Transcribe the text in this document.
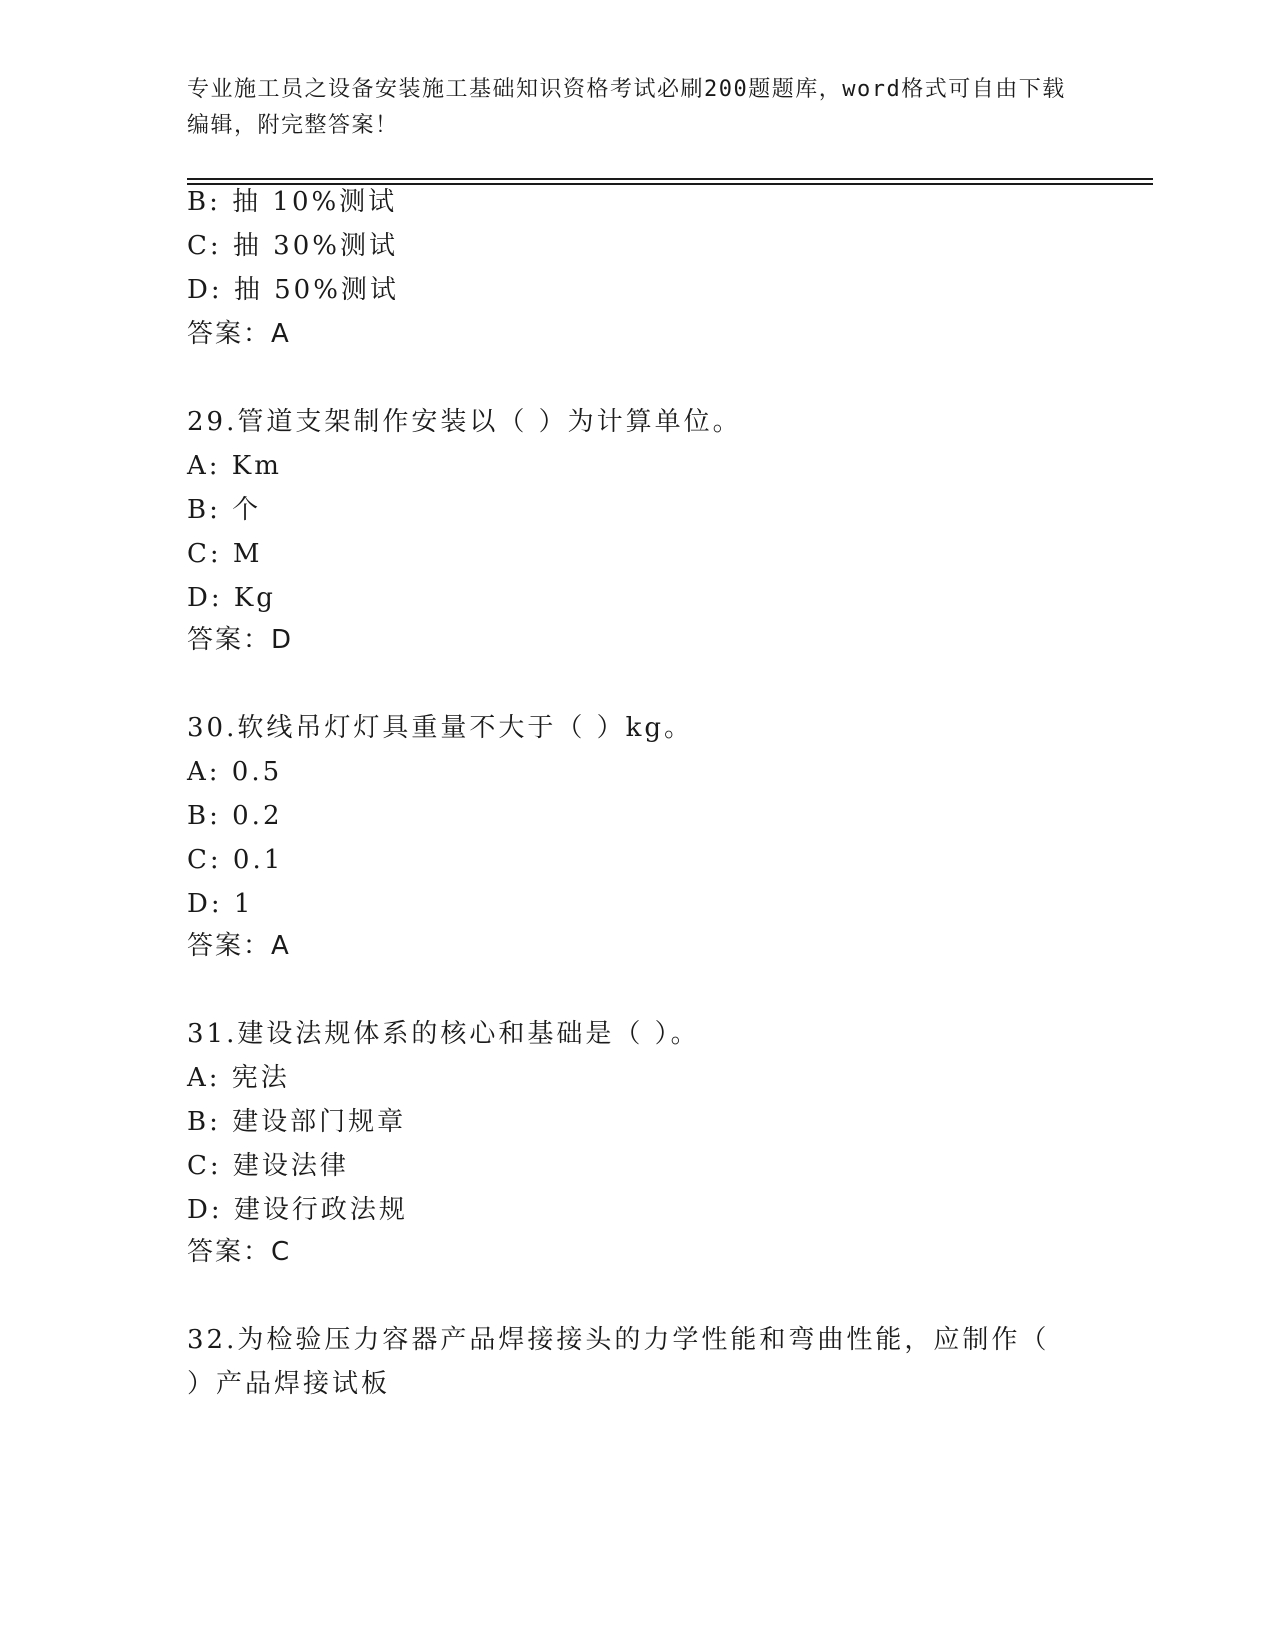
专业施工员之设备安装施工基础知识资格考试必刷200题题库，word格式可自由下载编辑，附完整答案！
B: 抽 10%测试
C: 抽 30%测试
D: 抽 50%测试
答案：A
29.管道支架制作安装以（ ）为计算单位。
A: Km
B: 个
C: M
D: Kg
答案：D
30.软线吊灯灯具重量不大于（ ）kg。
A: 0.5
B: 0.2
C: 0.1
D: 1
答案：A
31.建设法规体系的核心和基础是（ ）。
A: 宪法
B: 建设部门规章
C: 建设法律
D: 建设行政法规
答案：C
32.为检验压力容器产品焊接接头的力学性能和弯曲性能，应制作（
）产品焊接试板
